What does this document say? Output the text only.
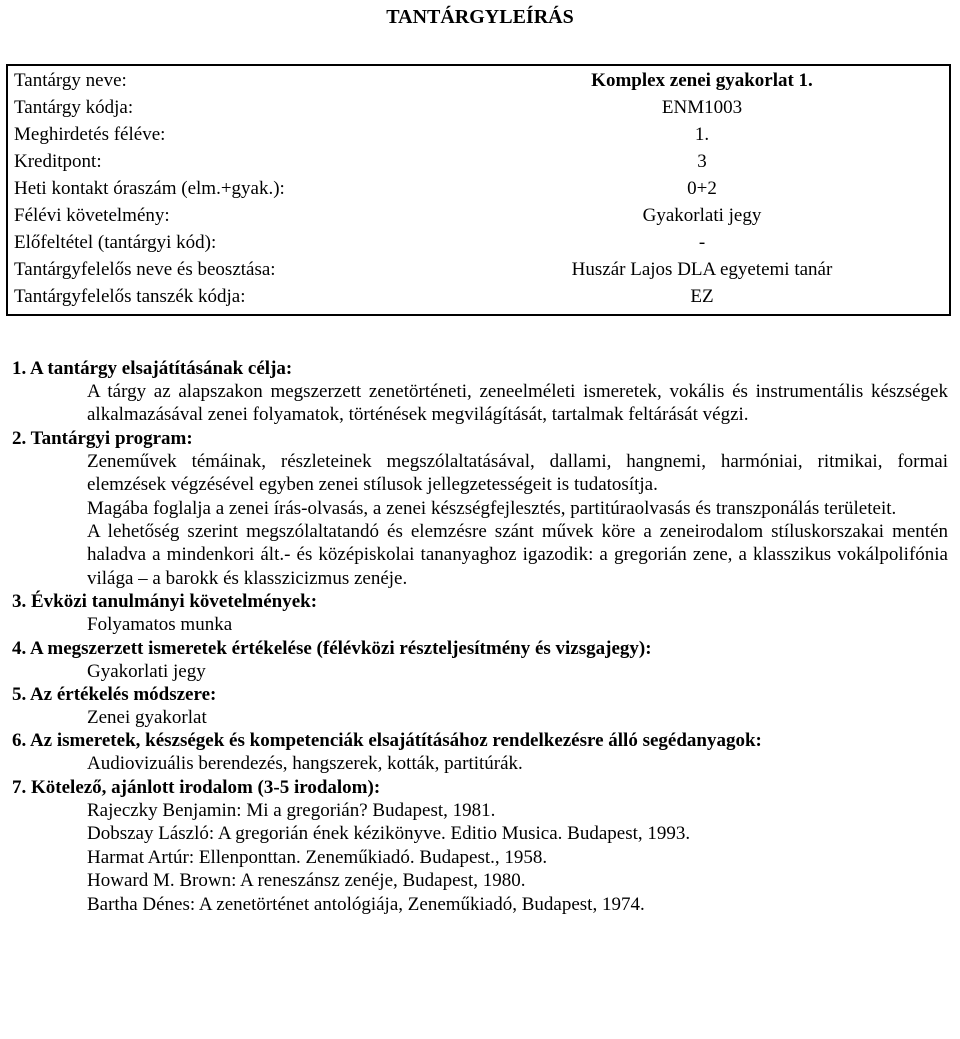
TANTÁRGYLEÍRÁS
Tantárgy neve:	Komplex zenei gyakorlat 1.
Tantárgy kódja:	ENM1003
Meghirdetés féléve:	1.
Kreditpont:	3
Heti kontakt óraszám (elm.+gyak.):	0+2
Félévi követelmény:	Gyakorlati jegy
Előfeltétel (tantárgyi kód):	-
Tantárgyfelelős neve és beosztása:	Huszár Lajos DLA egyetemi tanár
Tantárgyfelelős tanszék kódja:	EZ

1. A tantárgy elsajátításának célja:

A tárgy az alapszakon megszerzett zenetörténeti, zeneelméleti ismeretek, vokális és instrumentális készségek alkalmazásával zenei folyamatok, történések megvilágítását, tartalmak feltárását végzi.

2. Tantárgyi program:

Zeneművek témáinak, részleteinek megszólaltatásával, dallami, hangnemi, harmóniai, ritmikai, formai elemzések végzésével egyben zenei stílusok jellegzetességeit is tudatosítja.

Magába foglalja a zenei írás-olvasás, a zenei készségfejlesztés, partitúraolvasás és transzponálás területeit.

A lehetőség szerint megszólaltatandó és elemzésre szánt művek köre a zeneirodalom stíluskorszakai mentén haladva a mindenkori ált.- és középiskolai tananyaghoz igazodik: a gregorián zene, a klasszikus vokálpolifónia világa – a barokk és klasszicizmus zenéje.

3. Évközi tanulmányi követelmények:

Folyamatos munka

4. A megszerzett ismeretek értékelése (félévközi részteljesítmény és vizsgajegy):

Gyakorlati jegy

5. Az értékelés módszere:

Zenei gyakorlat

6. Az ismeretek, készségek és kompetenciák elsajátításához rendelkezésre álló segédanyagok:

Audiovizuális berendezés, hangszerek, kották, partitúrák.

7. Kötelező, ajánlott irodalom (3-5 irodalom):

Rajeczky Benjamin: Mi a gregorián? Budapest, 1981.
Dobszay László: A gregorián ének kézikönyve. Editio Musica. Budapest, 1993.
Harmat Artúr: Ellenponttan. Zeneműkiadó. Budapest., 1958.
Howard M. Brown: A reneszánsz zenéje, Budapest, 1980.
Bartha Dénes: A zenetörténet antológiája, Zeneműkiadó, Budapest, 1974.
